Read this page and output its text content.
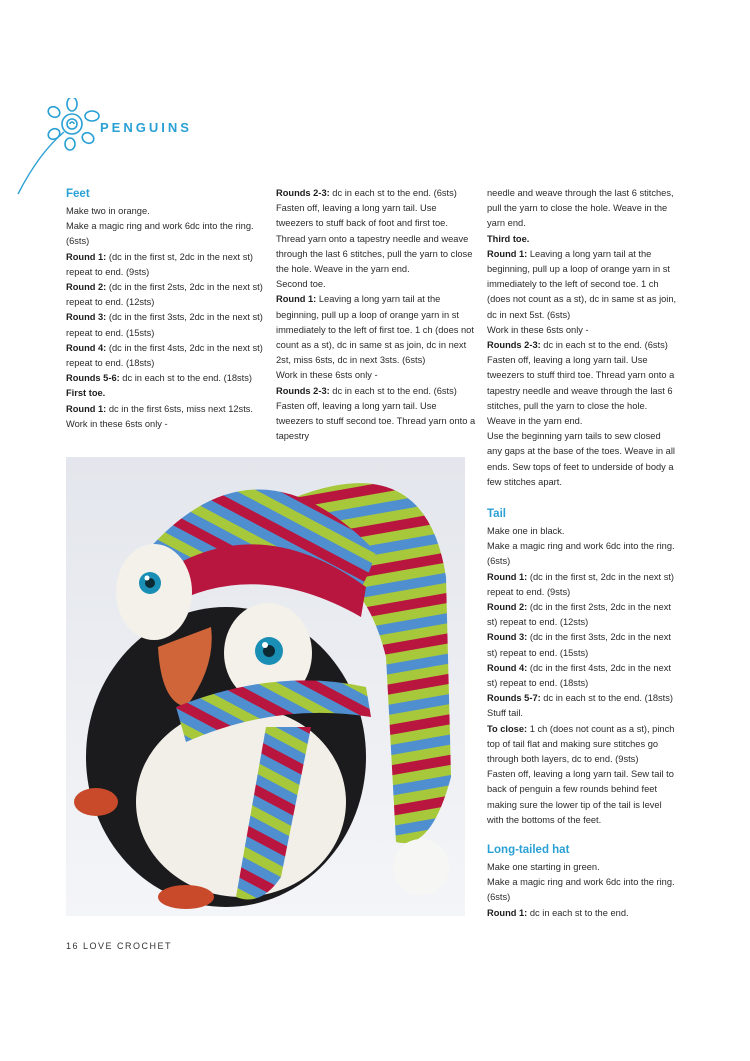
PENGUINS
Feet

Make two in orange.

Make a magic ring and work 6dc into the ring. (6sts)

Round 1: (dc in the first st, 2dc in the next st) repeat to end. (9sts)

Round 2: (dc in the first 2sts, 2dc in the next st) repeat to end. (12sts)

Round 3: (dc in the first 3sts, 2dc in the next st) repeat to end. (15sts)

Round 4: (dc in the first 4sts, 2dc in the next st) repeat to end. (18sts)

Rounds 5-6: dc in each st to the end. (18sts)

First toe.

Round 1: dc in the first 6sts, miss next 12sts.

Work in these 6sts only -

Rounds 2-3: dc in each st to the end. (6sts)

Fasten off, leaving a long yarn tail. Use tweezers to stuff back of foot and first toe. Thread yarn onto a tapestry needle and weave through the last 6 stitches, pull the yarn to close the hole. Weave in the yarn end.

Second toe.

Round 1: Leaving a long yarn tail at the beginning, pull up a loop of orange yarn in st immediately to the left of first toe. 1 ch (does not count as a st), dc in same st as join, dc in next 2st, miss 6sts, dc in next 3sts. (6sts)

Work in these 6sts only -

Rounds 2-3: dc in each st to the end. (6sts)

Fasten off, leaving a long yarn tail. Use tweezers to stuff second toe. Thread yarn onto a tapestry

needle and weave through the last 6 stitches, pull the yarn to close the hole. Weave in the yarn end.

Third toe.

Round 1: Leaving a long yarn tail at the beginning, pull up a loop of orange yarn in st immediately to the left of second toe. 1 ch (does not count as a st), dc in same st as join, dc in next 5st. (6sts)

Work in these 6sts only -

Rounds 2-3: dc in each st to the end. (6sts)

Fasten off, leaving a long yarn tail. Use tweezers to stuff third toe. Thread yarn onto a tapestry needle and weave through the last 6 stitches, pull the yarn to close the hole. Weave in the yarn end.

Use the beginning yarn tails to sew closed any gaps at the base of the toes. Weave in all ends. Sew tops of feet to underside of body a few stitches apart.

Tail

Make one in black.

Make a magic ring and work 6dc into the ring. (6sts)

Round 1: (dc in the first st, 2dc in the next st) repeat to end. (9sts)

Round 2: (dc in the first 2sts, 2dc in the next st) repeat to end. (12sts)

Round 3: (dc in the first 3sts, 2dc in the next st) repeat to end. (15sts)

Round 4: (dc in the first 4sts, 2dc in the next st) repeat to end. (18sts)

Rounds 5-7: dc in each st to the end. (18sts)

Stuff tail.

To close: 1 ch (does not count as a st), pinch top of tail flat and making sure stitches go through both layers, dc to end. (9sts)

Fasten off, leaving a long yarn tail. Sew tail to back of penguin a few rounds behind feet making sure the lower tip of the tail is level with the bottoms of the feet.

Long-tailed hat

Make one starting in green.

Make a magic ring and work 6dc into the ring. (6sts)

Round 1: dc in each st to the end.

16 LOVE CROCHET
